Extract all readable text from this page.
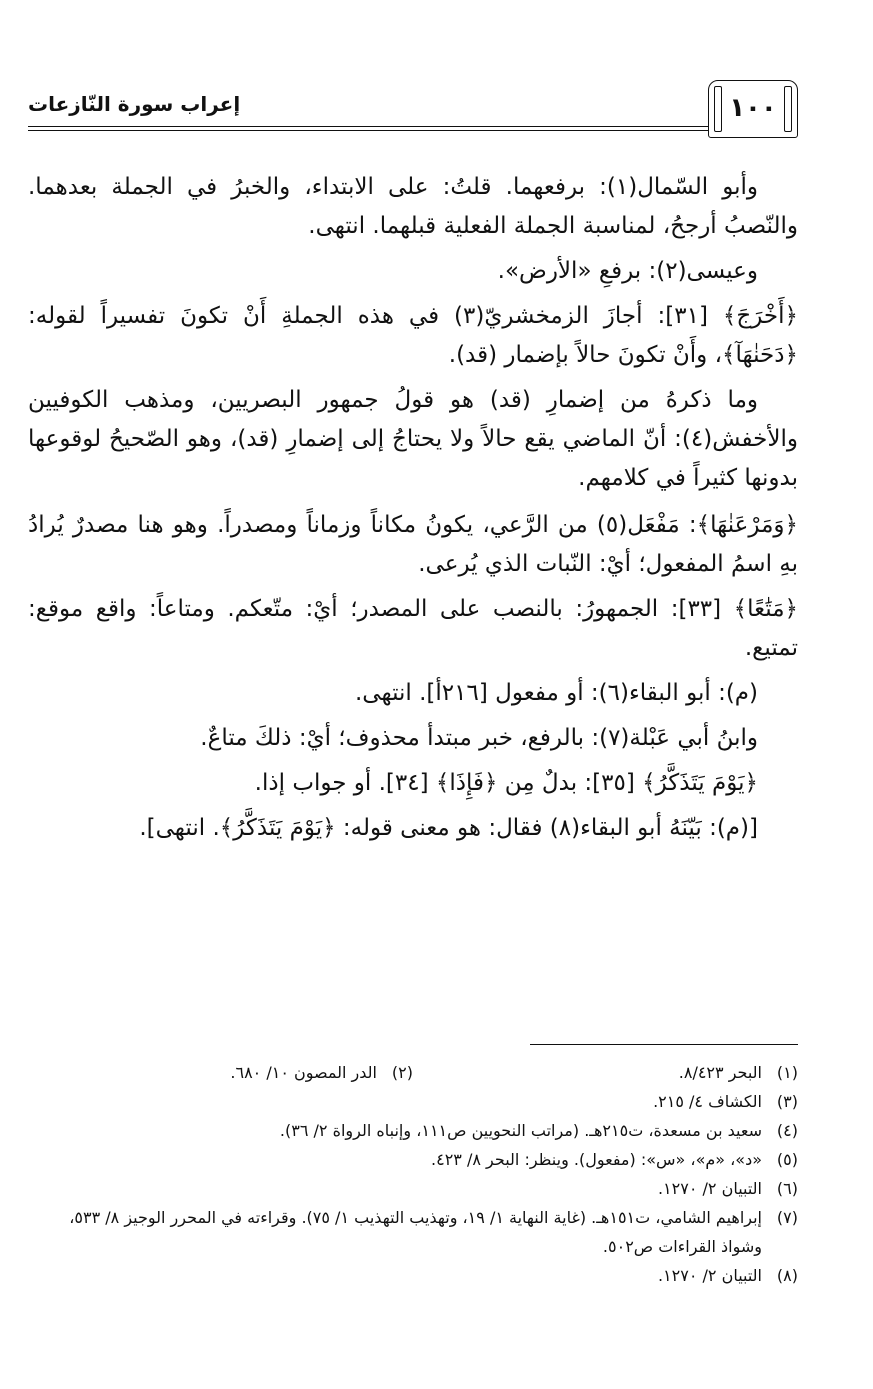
١٠٠
إعراب سورة النّازعات

وأبو السّمال(١): برفعهما. قلتُ: على الابتداء، والخبرُ في الجملة بعدهما. والنّصبُ أرجحُ، لمناسبة الجملة الفعلية قبلهما. انتهى.

وعيسى(٢): برفعِ «الأرض».

﴿أَخْرَجَ﴾ [٣١]: أجازَ الزمخشريّ(٣) في هذه الجملةِ أَنْ تكونَ تفسيراً لقوله: ﴿دَحَنٰهَآ﴾، وأَنْ تكونَ حالاً بإضمار (قد).

وما ذكرهُ من إضمارِ (قد) هو قولُ جمهور البصريين، ومذهب الكوفيين والأخفش(٤): أنّ الماضي يقع حالاً ولا يحتاجُ إلى إضمارِ (قد)، وهو الصّحيحُ لوقوعها بدونها كثيراً في كلامهم.

﴿وَمَرْعَنٰهَا﴾: مَفْعَل(٥) من الرَّعي، يكونُ مكاناً وزماناً ومصدراً. وهو هنا مصدرٌ يُرادُ بهِ اسمُ المفعول؛ أيْ: النّبات الذي يُرعى.

﴿مَتَٰعًا﴾ [٣٣]: الجمهورُ: بالنصب على المصدر؛ أيْ: متّعكم. ومتاعاً: واقع موقع: تمتيع.

(م): أبو البقاء(٦): أو مفعول [٢١٦أ]. انتهى.

وابنُ أبي عَبْلة(٧): بالرفع، خبر مبتدأ محذوف؛ أيْ: ذلكَ متاعٌ.

﴿يَوْمَ يَتَذَكَّرُ﴾ [٣٥]: بدلٌ مِن ﴿فَإِذَا﴾ [٣٤]. أو جواب إذا.

[(م): بَيّنَهُ أبو البقاء(٨) فقال: هو معنى قوله: ﴿يَوْمَ يَتَذَكَّرُ﴾. انتهى].

(١)
البحر ٨/٤٢٣.
(٢)
الدر المصون ١٠/ ٦٨٠.
(٣)
الكشاف ٤/ ٢١٥.
(٤)
سعيد بن مسعدة، ت٢١٥هـ. (مراتب النحويين ص١١١، وإنباه الرواة ٢/ ٣٦).
(٥)
«د»، «م»، «س»: (مفعول). وينظر: البحر ٨/ ٤٢٣.
(٦)
التبيان ٢/ ١٢٧٠.
(٧)
إبراهيم الشامي، ت١٥١هـ. (غاية النهاية ١/ ١٩، وتهذيب التهذيب ١/ ٧٥). وقراءته في المحرر الوجيز ٨/ ٥٣٣، وشواذ القراءات ص٥٠٢.
(٨)
التبيان ٢/ ١٢٧٠.
